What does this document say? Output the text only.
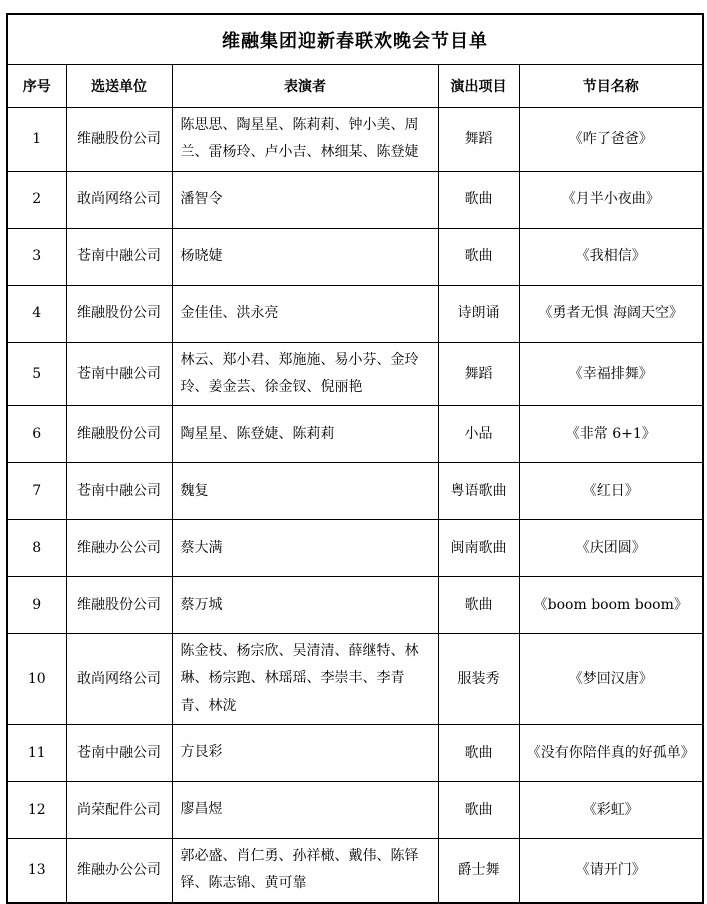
维融集团迎新春联欢晚会节目单				
序号	选送单位	表演者	演出项目	节目名称
1	维融股份公司	陈思思、陶星星、陈莉莉、钟小美、周兰、雷杨玲、卢小吉、林细某、陈登婕	舞蹈	《咋了爸爸》
2	敢尚网络公司	潘智令	歌曲	《月半小夜曲》
3	苍南中融公司	杨晓婕	歌曲	《我相信》
4	维融股份公司	金佳佳、洪永亮	诗朗诵	《勇者无惧 海阔天空》
5	苍南中融公司	林云、郑小君、郑施施、易小芬、金玲玲、姜金芸、徐金钗、倪丽艳	舞蹈	《幸福排舞》
6	维融股份公司	陶星星、陈登婕、陈莉莉	小品	《非常 6+1》
7	苍南中融公司	魏复	粤语歌曲	《红日》
8	维融办公公司	蔡大满	闽南歌曲	《庆团圆》
9	维融股份公司	蔡万城	歌曲	《boom boom boom》
10	敢尚网络公司	陈金枝、杨宗欣、吴清清、薛继特、林琳、杨宗跑、林瑶瑶、李崇丰、李青青、林泷	服装秀	《梦回汉唐》
11	苍南中融公司	方艮彩	歌曲	《没有你陪伴真的好孤单》
12	尚荣配件公司	廖昌煜	歌曲	《彩虹》
13	维融办公公司	郭必盛、肖仁勇、孙祥橄、戴伟、陈铎铎、陈志锦、黄可靠	爵士舞	《请开门》
